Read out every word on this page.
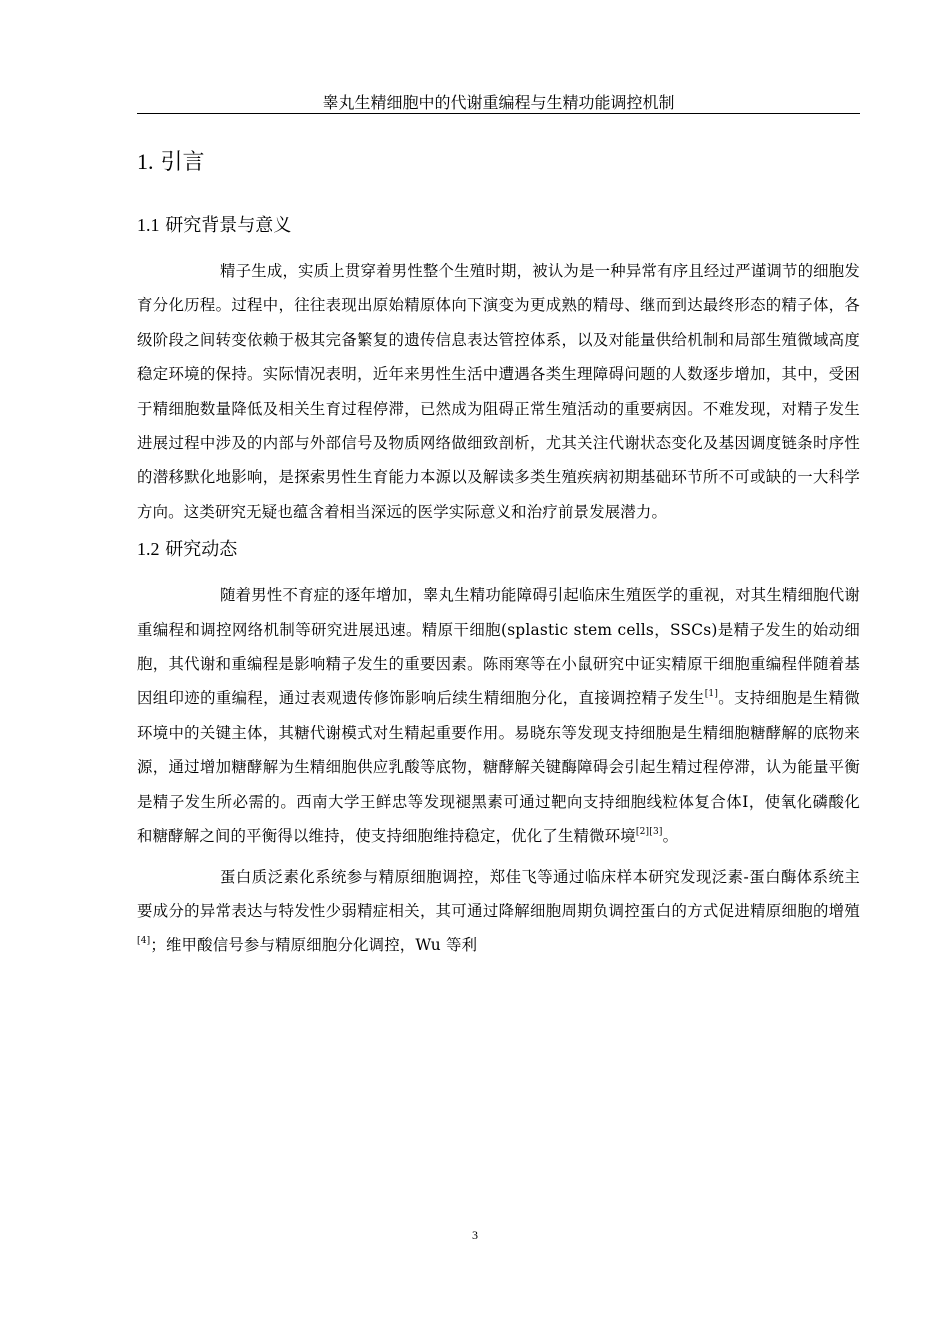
睾丸生精细胞中的代谢重编程与生精功能调控机制
1. 引言
1.1 研究背景与意义

精子生成，实质上贯穿着男性整个生殖时期，被认为是一种异常有序且经过严谨调节的细胞发育分化历程。过程中，往往表现出原始精原体向下演变为更成熟的精母、继而到达最终形态的精子体，各级阶段之间转变依赖于极其完备繁复的遗传信息表达管控体系，以及对能量供给机制和局部生殖微域高度稳定环境的保持。实际情况表明，近年来男性生活中遭遇各类生理障碍问题的人数逐步增加，其中，受困于精细胞数量降低及相关生育过程停滞，已然成为阻碍正常生殖活动的重要病因。不难发现，对精子发生进展过程中涉及的内部与外部信号及物质网络做细致剖析，尤其关注代谢状态变化及基因调度链条时序性的潜移默化地影响，是探索男性生育能力本源以及解读多类生殖疾病初期基础环节所不可或缺的一大科学方向。这类研究无疑也蕴含着相当深远的医学实际意义和治疗前景发展潜力。

1.2 研究动态

随着男性不育症的逐年增加，睾丸生精功能障碍引起临床生殖医学的重视，对其生精细胞代谢重编程和调控网络机制等研究进展迅速。精原干细胞(splastic stem cells，SSCs)是精子发生的始动细胞，其代谢和重编程是影响精子发生的重要因素。陈雨寒等在小鼠研究中证实精原干细胞重编程伴随着基因组印迹的重编程，通过表观遗传修饰影响后续生精细胞分化，直接调控精子发生[1]。支持细胞是生精微环境中的关键主体，其糖代谢模式对生精起重要作用。易晓东等发现支持细胞是生精细胞糖酵解的底物来源，通过增加糖酵解为生精细胞供应乳酸等底物，糖酵解关键酶障碍会引起生精过程停滞，认为能量平衡是精子发生所必需的。西南大学王鲜忠等发现褪黑素可通过靶向支持细胞线粒体复合体Ⅰ，使氧化磷酸化和糖酵解之间的平衡得以维持，使支持细胞维持稳定，优化了生精微环境[2][3]。

蛋白质泛素化系统参与精原细胞调控，郑佳飞等通过临床样本研究发现泛素-蛋白酶体系统主要成分的异常表达与特发性少弱精症相关，其可通过降解细胞周期负调控蛋白的方式促进精原细胞的增殖[4]；维甲酸信号参与精原细胞分化调控，Wu 等利

3
